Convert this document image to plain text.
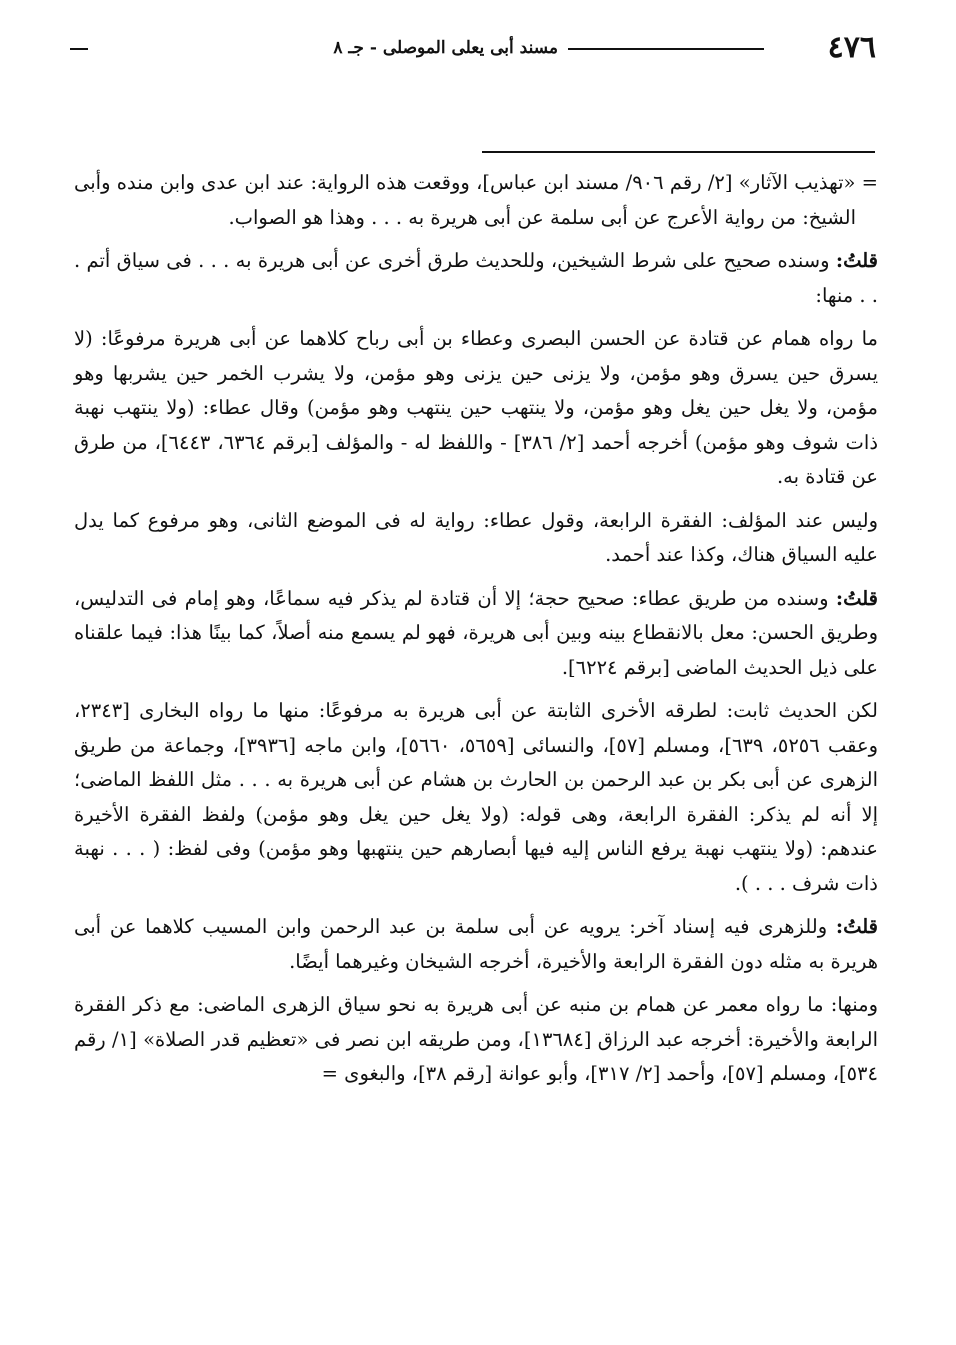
٤٧٦
مسند أبى يعلى الموصلى - جـ ٨

= «تهذيب الآثار» [٢/ رقم ٩٠٦/ مسند ابن عباس]، ووقعت هذه الرواية: عند ابن عدى وابن منده وأبى الشيخ: من رواية الأعرج عن أبى سلمة عن أبى هريرة به . . . وهذا هو الصواب.

قلتُ: وسنده صحيح على شرط الشيخين، وللحديث طرق أخرى عن أبى هريرة به . . . فى سياق أتم . . . منها:

ما رواه همام عن قتادة عن الحسن البصرى وعطاء بن أبى رباح كلاهما عن أبى هريرة مرفوعًا: (لا يسرق حين يسرق وهو مؤمن، ولا يزنى حين يزنى وهو مؤمن، ولا يشرب الخمر حين يشربها وهو مؤمن، ولا يغل حين يغل وهو مؤمن، ولا ينتهب حين ينتهب وهو مؤمن) وقال عطاء: (ولا ينتهب نهبة ذات شوف وهو مؤمن) أخرجه أحمد [٢/ ٣٨٦] - واللفظ له - والمؤلف [برقم ٦٣٦٤، ٦٤٤٣]، من طرق عن قتادة به.

وليس عند المؤلف: الفقرة الرابعة، وقول عطاء: رواية له فى الموضع الثانى، وهو مرفوع كما يدل عليه السياق هناك، وكذا عند أحمد.

قلتُ: وسنده من طريق عطاء: صحيح حجة؛ إلا أن قتادة لم يذكر فيه سماعًا، وهو إمام فى التدليس، وطريق الحسن: معل بالانقطاع بينه وبين أبى هريرة، فهو لم يسمع منه أصلاً، كما بينًا هذا: فيما علقناه على ذيل الحديث الماضى [برقم ٦٢٢٤].

لكن الحديث ثابت: لطرقه الأخرى الثابتة عن أبى هريرة به مرفوعًا: منها ما رواه البخارى [٢٣٤٣، وعقب ٥٢٥٦، ٦٣٩]، ومسلم [٥٧]، والنسائى [٥٦٥٩، ٥٦٦٠]، وابن ماجه [٣٩٣٦]، وجماعة من طريق الزهرى عن أبى بكر بن عبد الرحمن بن الحارث بن هشام عن أبى هريرة به . . . مثل اللفظ الماضى؛ إلا أنه لم يذكر: الفقرة الرابعة، وهى قوله: (ولا يغل حين يغل وهو مؤمن) ولفظ الفقرة الأخيرة عندهم: (ولا ينتهب نهبة يرفع الناس إليه فيها أبصارهم حين ينتهبها وهو مؤمن) وفى لفظ: ( . . . نهبة ذات شرف . . . ).

قلتُ: وللزهرى فيه إسناد آخر: يرويه عن أبى سلمة بن عبد الرحمن وابن المسيب كلاهما عن أبى هريرة به مثله دون الفقرة الرابعة والأخيرة، أخرجه الشيخان وغيرهما أيضًا.

ومنها: ما رواه معمر عن همام بن منبه عن أبى هريرة به نحو سياق الزهرى الماضى: مع ذكر الفقرة الرابعة والأخيرة: أخرجه عبد الرزاق [١٣٦٨٤]، ومن طريقه ابن نصر فى «تعظيم قدر الصلاة» [١/ رقم ٥٣٤]، ومسلم [٥٧]، وأحمد [٢/ ٣١٧]، وأبو عوانة [رقم ٣٨]، والبغوى =
